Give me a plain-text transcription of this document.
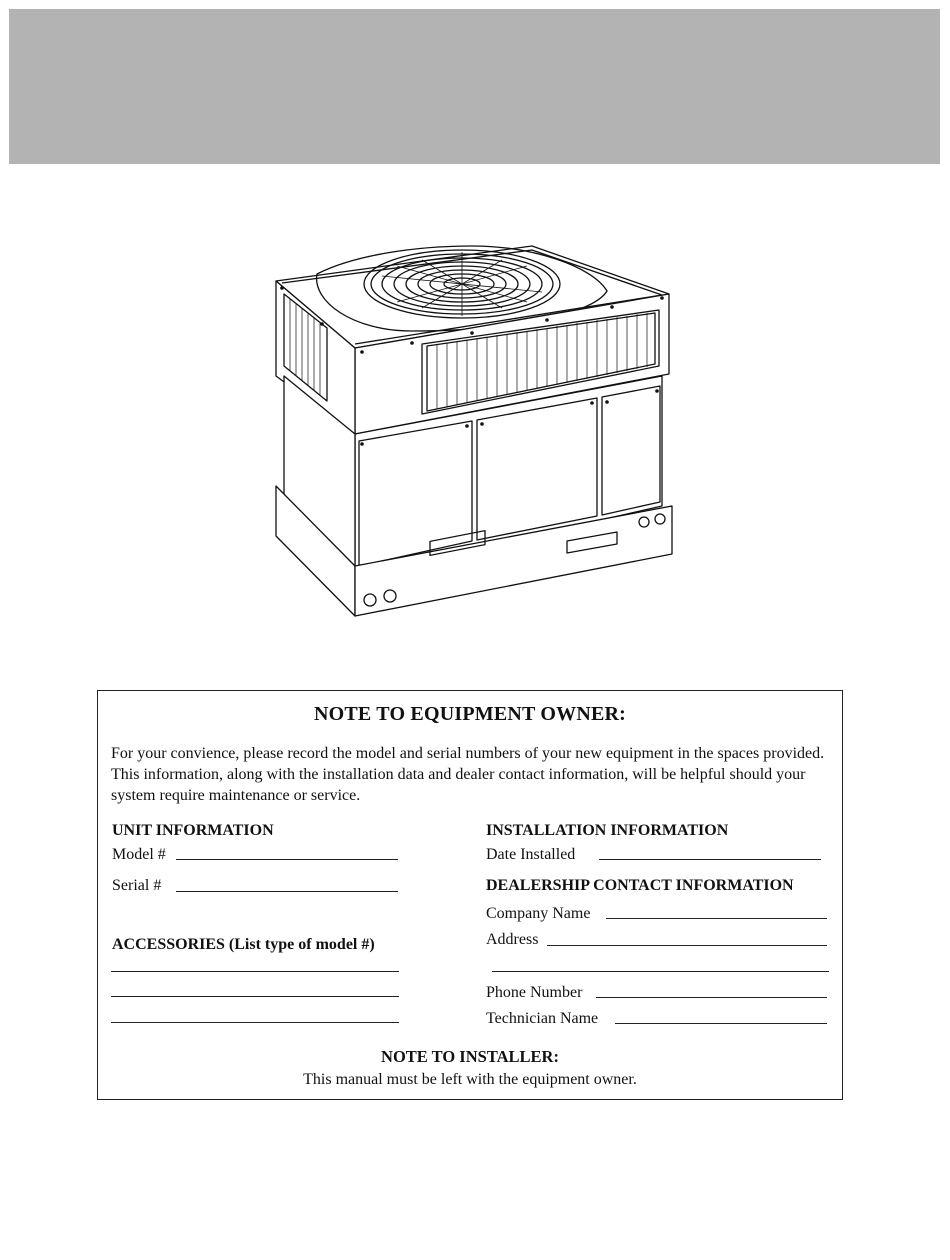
NOTE TO EQUIPMENT OWNER:

For your convience, please record the model and serial numbers of your new equipment in the spaces provided. This information, along with the installation data and dealer contact information, will be helpful should your system require maintenance or service.

UNIT INFORMATION
Model #
Serial #
ACCESSORIES (List type of model #)
INSTALLATION INFORMATION
Date Installed
DEALERSHIP CONTACT INFORMATION
Company Name
Address
Phone Number
Technician Name
NOTE TO INSTALLER:
This manual must be left with the equipment owner.
